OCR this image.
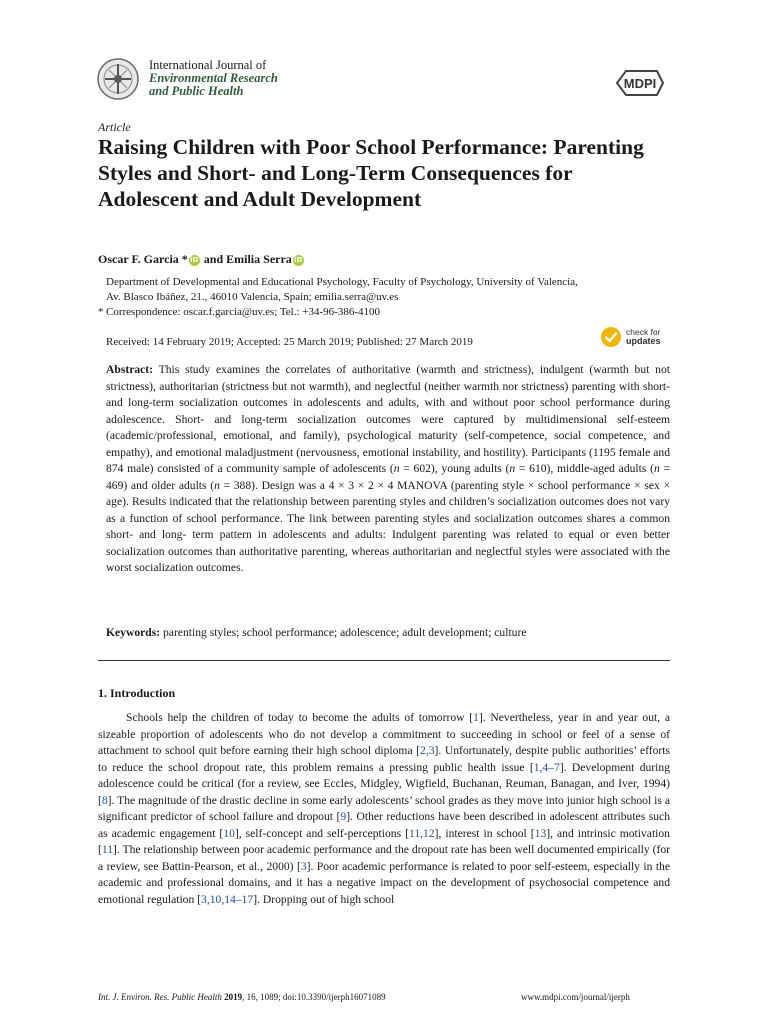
International Journal of
Environmental Research
and Public Health	MDPI
Article
Raising Children with Poor School Performance: Parenting Styles and Short- and Long-Term Consequences for Adolescent and Adult Development
Oscar F. Garcia * iD and Emilia Serra iD
Department of Developmental and Educational Psychology, Faculty of Psychology, University of Valencia,
Av. Blasco Ibáñez, 21., 46010 Valencia, Spain; emilia.serra@uv.es
* Correspondence: oscar.f.garcia@uv.es; Tel.: +34-96-386-4100
Received: 14 February 2019; Accepted: 25 March 2019; Published: 27 March 2019
check for
updates
Abstract: This study examines the correlates of authoritative (warmth and strictness), indulgent (warmth but not strictness), authoritarian (strictness but not warmth), and neglectful (neither warmth nor strictness) parenting with short- and long-term socialization outcomes in adolescents and adults, with and without poor school performance during adolescence. Short- and long-term socialization outcomes were captured by multidimensional self-esteem (academic/professional, emotional, and family), psychological maturity (self-competence, social competence, and empathy), and emotional maladjustment (nervousness, emotional instability, and hostility). Participants (1195 female and 874 male) consisted of a community sample of adolescents (n = 602), young adults (n = 610), middle-aged adults (n = 469) and older adults (n = 388). Design was a 4 × 3 × 2 × 4 MANOVA (parenting style × school performance × sex × age). Results indicated that the relationship between parenting styles and children’s socialization outcomes does not vary as a function of school performance. The link between parenting styles and socialization outcomes shares a common short- and long- term pattern in adolescents and adults: Indulgent parenting was related to equal or even better socialization outcomes than authoritative parenting, whereas authoritarian and neglectful styles were associated with the worst socialization outcomes.
Keywords: parenting styles; school performance; adolescence; adult development; culture
1. Introduction

Schools help the children of today to become the adults of tomorrow [1]. Nevertheless, year in and year out, a sizeable proportion of adolescents who do not develop a commitment to succeeding in school or feel of a sense of attachment to school quit before earning their high school diploma [2,3]. Unfortunately, despite public authorities’ efforts to reduce the school dropout rate, this problem remains a pressing public health issue [1,4–7]. Development during adolescence could be critical (for a review, see Eccles, Midgley, Wigfield, Buchanan, Reuman, Banagan, and Iver, 1994) [8]. The magnitude of the drastic decline in some early adolescents’ school grades as they move into junior high school is a significant predictor of school failure and dropout [9]. Other reductions have been described in adolescent attributes such as academic engagement [10], self-concept and self-perceptions [11,12], interest in school [13], and intrinsic motivation [11]. The relationship between poor academic performance and the dropout rate has been well documented empirically (for a review, see Battin-Pearson, et al., 2000) [3]. Poor academic performance is related to poor self-esteem, especially in the academic and professional domains, and it has a negative impact on the development of psychosocial competence and emotional regulation [3,10,14–17]. Dropping out of high school

Int. J. Environ. Res. Public Health 2019, 16, 1089; doi:10.3390/ijerph16071089	www.mdpi.com/journal/ijerph
